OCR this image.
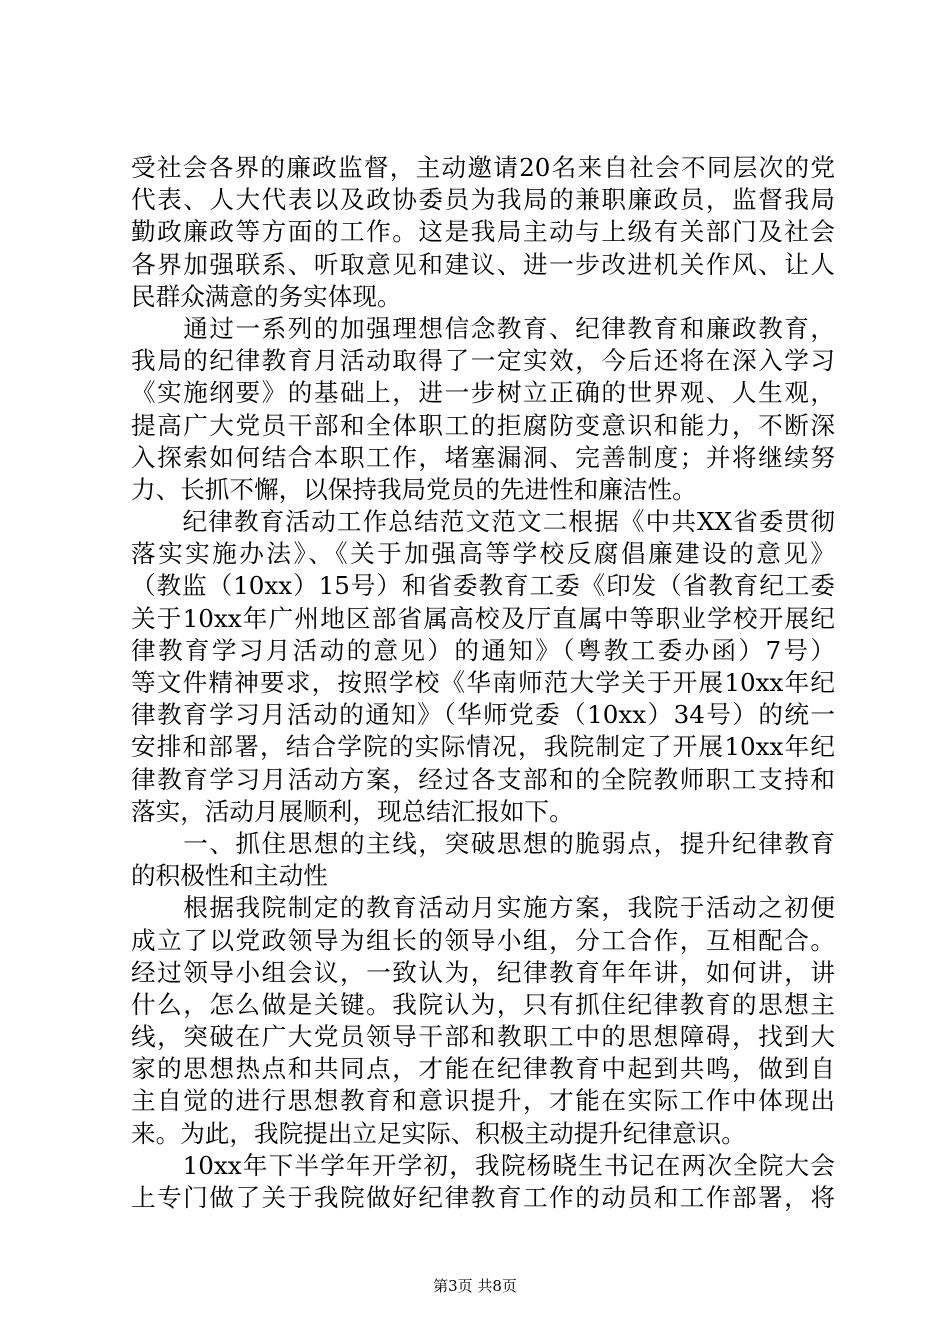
受社会各界的廉政监督，主动邀请20名来自社会不同层次的党
代表、人大代表以及政协委员为我局的兼职廉政员，监督我局
勤政廉政等方面的工作。这是我局主动与上级有关部门及社会
各界加强联系、听取意见和建议、进一步改进机关作风、让人
民群众满意的务实体现。
　　通过一系列的加强理想信念教育、纪律教育和廉政教育，
我局的纪律教育月活动取得了一定实效，今后还将在深入学习
《实施纲要》的基础上，进一步树立正确的世界观、人生观，
提高广大党员干部和全体职工的拒腐防变意识和能力，不断深
入探索如何结合本职工作，堵塞漏洞、完善制度；并将继续努
力、长抓不懈，以保持我局党员的先进性和廉洁性。
　　纪律教育活动工作总结范文范文二根据《中共XX省委贯彻
落实实施办法》、《关于加强高等学校反腐倡廉建设的意见》
（教监（10xx）15号）和省委教育工委《印发（省教育纪工委
关于10xx年广州地区部省属高校及厅直属中等职业学校开展纪
律教育学习月活动的意见）的通知》（粤教工委办函）7号）
等文件精神要求，按照学校《华南师范大学关于开展10xx年纪
律教育学习月活动的通知》（华师党委（10xx）34号）的统一
安排和部署，结合学院的实际情况，我院制定了开展10xx年纪
律教育学习月活动方案，经过各支部和的全院教师职工支持和
落实，活动月展顺利，现总结汇报如下。
　　一、抓住思想的主线，突破思想的脆弱点，提升纪律教育
的积极性和主动性
　　根据我院制定的教育活动月实施方案，我院于活动之初便
成立了以党政领导为组长的领导小组，分工合作，互相配合。
经过领导小组会议，一致认为，纪律教育年年讲，如何讲，讲
什么，怎么做是关键。我院认为，只有抓住纪律教育的思想主
线，突破在广大党员领导干部和教职工中的思想障碍，找到大
家的思想热点和共同点，才能在纪律教育中起到共鸣，做到自
主自觉的进行思想教育和意识提升，才能在实际工作中体现出
来。为此，我院提出立足实际、积极主动提升纪律意识。
　　10xx年下半学年开学初，我院杨晓生书记在两次全院大会
上专门做了关于我院做好纪律教育工作的动员和工作部署，将
第3页 共8页
